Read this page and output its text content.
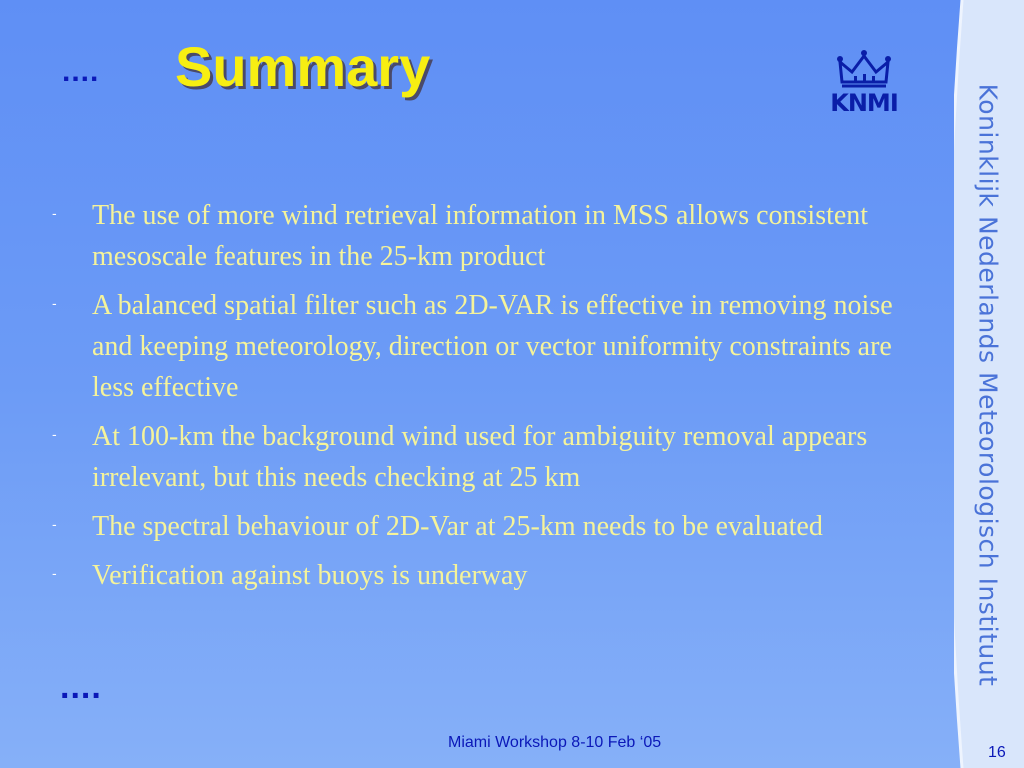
Koninklijk Nederlands Meteorologisch Instituut
.... Summary
KNMI
- The use of more wind retrieval information in MSS allows consistent mesoscale features in the 25-km product
- A balanced spatial filter such as 2D-VAR is effective in removing noise and keeping meteorology, direction or vector uniformity constraints are less effective
- At 100-km the background wind used for ambiguity removal appears irrelevant, but this needs checking at 25 km
- The spectral behaviour of 2D-Var at 25-km needs to be evaluated
- Verification against buoys is underway
....
Miami Workshop 8-10 Feb ‘05
16
